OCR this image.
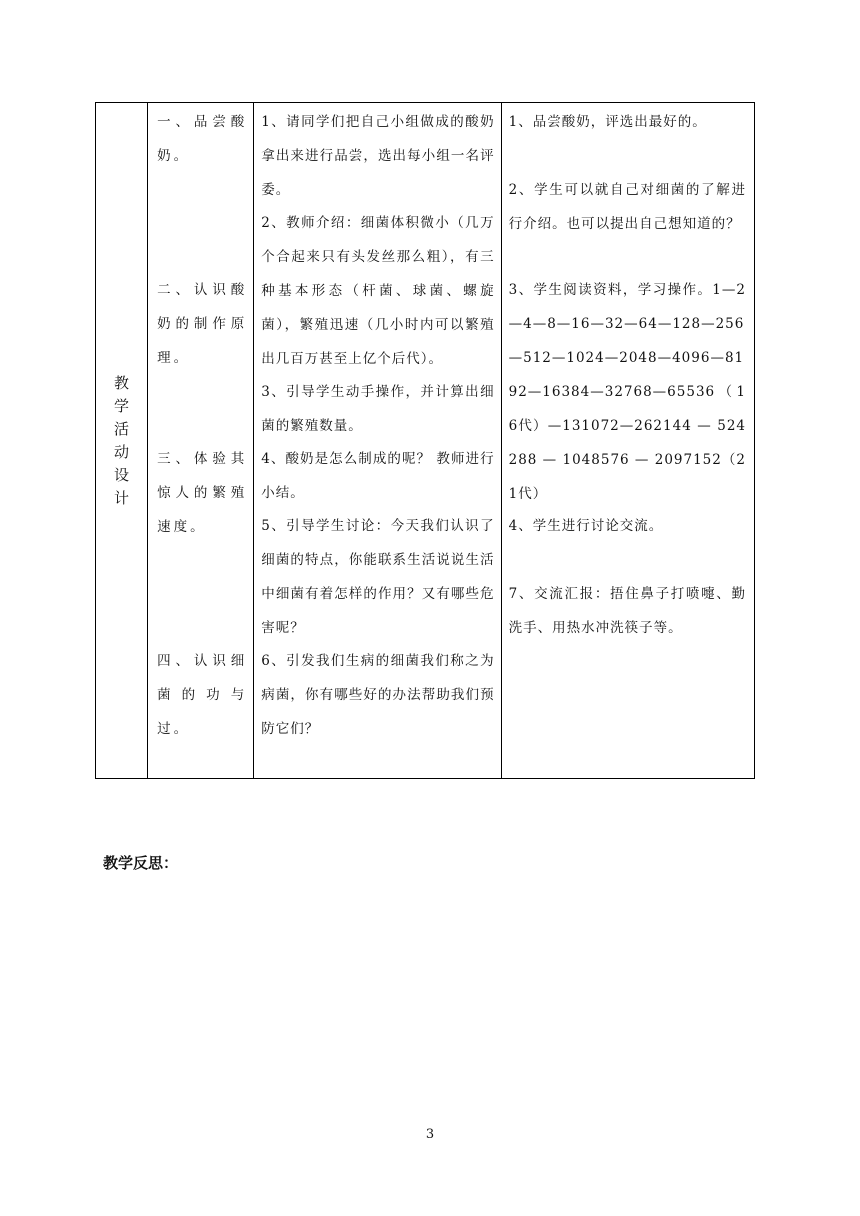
教
学
活
动
设
计

一、品尝酸奶。
二、认识酸奶的制作原理。
三、体验其惊人的繁殖速度。
四、认识细菌的功与过。

1、请同学们把自己小组做成的酸奶拿出来进行品尝，选出每小组一名评委。
2、教师介绍：细菌体积微小（几万个合起来只有头发丝那么粗），有三种基本形态（杆菌、球菌、螺旋菌），繁殖迅速（几小时内可以繁殖出几百万甚至上亿个后代）。
3、引导学生动手操作，并计算出细菌的繁殖数量。
4、酸奶是怎么制成的呢？ 教师进行小结。
5、引导学生讨论：今天我们认识了细菌的特点，你能联系生活说说生活中细菌有着怎样的作用？又有哪些危害呢？
6、引发我们生病的细菌我们称之为病菌，你有哪些好的办法帮助我们预防它们？

1、品尝酸奶，评选出最好的。
2、学生可以就自己对细菌的了解进行介绍。也可以提出自己想知道的？
3、学生阅读资料，学习操作。1—2—4—8—16—32—64—128—256—512—1024—2048—4096—8192—16384—32768—65536（16代）—131072—262144 — 524288 — 1048576 — 2097152（21代）
4、学生进行讨论交流。
7、交流汇报：捂住鼻子打喷嚏、勤洗手、用热水冲洗筷子等。
教学反思：
3
